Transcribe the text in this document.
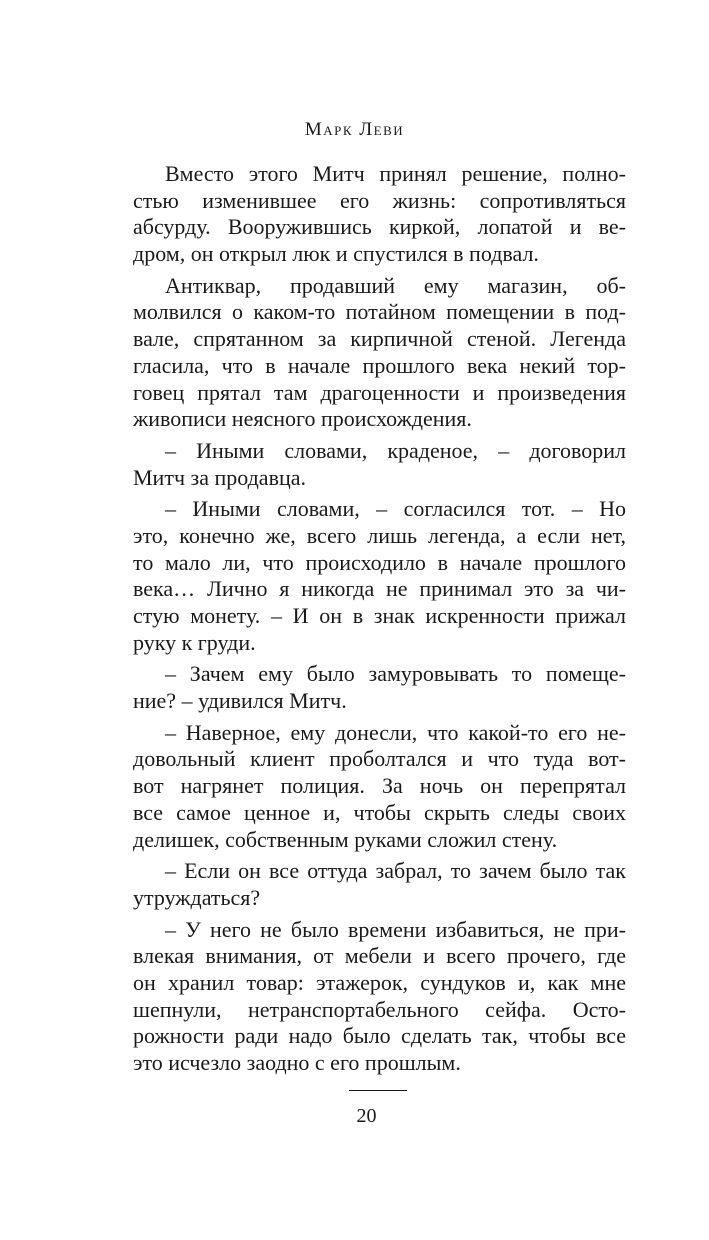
Марк Леви
Вместо этого Митч принял решение, полно-
стью изменившее его жизнь: сопротивляться
абсурду. Вооружившись киркой, лопатой и ве-
дром, он открыл люк и спустился в подвал.
Антиквар, продавший ему магазин, об-
молвился о каком-то потайном помещении в под-
вале, спрятанном за кирпичной стеной. Легенда
гласила, что в начале прошлого века некий тор-
говец прятал там драгоценности и произведения
живописи неясного происхождения.
– Иными словами, краденое, – договорил
Митч за продавца.
– Иными словами, – согласился тот. – Но
это, конечно же, всего лишь легенда, а если нет,
то мало ли, что происходило в начале прошлого
века… Лично я никогда не принимал это за чи-
стую монету. – И он в знак искренности прижал
руку к груди.
– Зачем ему было замуровывать то помеще-
ние? – удивился Митч.
– Наверное, ему донесли, что какой-то его не-
довольный клиент проболтался и что туда вот-
вот нагрянет полиция. За ночь он перепрятал
все самое ценное и, чтобы скрыть следы своих
делишек, собственным руками сложил стену.
– Если он все оттуда забрал, то зачем было так
утруждаться?
– У него не было времени избавиться, не при-
влекая внимания, от мебели и всего прочего, где
он хранил товар: этажерок, сундуков и, как мне
шепнули, нетранспортабельного сейфа. Осто-
рожности ради надо было сделать так, чтобы все
это исчезло заодно с его прошлым.
20
